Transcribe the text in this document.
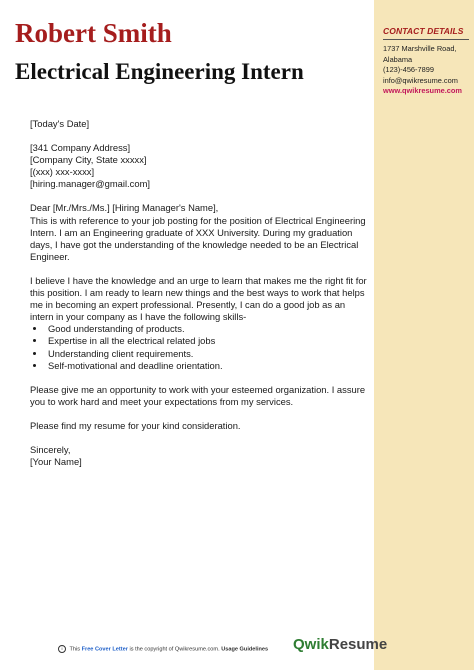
CONTACT DETAILS
1737 Marshville Road,
Alabama
(123)-456-7899
info@qwikresume.com
www.qwikresume.com
Robert Smith
Electrical Engineering Intern

[Today's Date]

[341 Company Address]

[Company City, State xxxxx]

[(xxx) xxx-xxxx]

[hiring.manager@gmail.com]

Dear [Mr./Mrs./Ms.] [Hiring Manager's Name],

This is with reference to your job posting for the position of Electrical Engineering Intern. I am an Engineering graduate of XXX University. During my graduation days, I have got the understanding of the knowledge needed to be an Electrical Engineer.

I believe I have the knowledge and an urge to learn that makes me the right fit for this position. I am ready to learn new things and the best ways to work that helps me in becoming an expert professional. Presently, I can do a good job as an intern in your company as I have the following skills-

• Good understanding of products.
• Expertise in all the electrical related jobs
• Understanding client requirements.
• Self-motivational and deadline orientation.

Please give me an opportunity to work with your esteemed organization. I assure you to work hard and meet your expectations from my services.

Please find my resume for your kind consideration.

Sincerely,

[Your Name]

i This Free Cover Letter is the copyright of Qwikresume.com. Usage Guidelines QwikResume
